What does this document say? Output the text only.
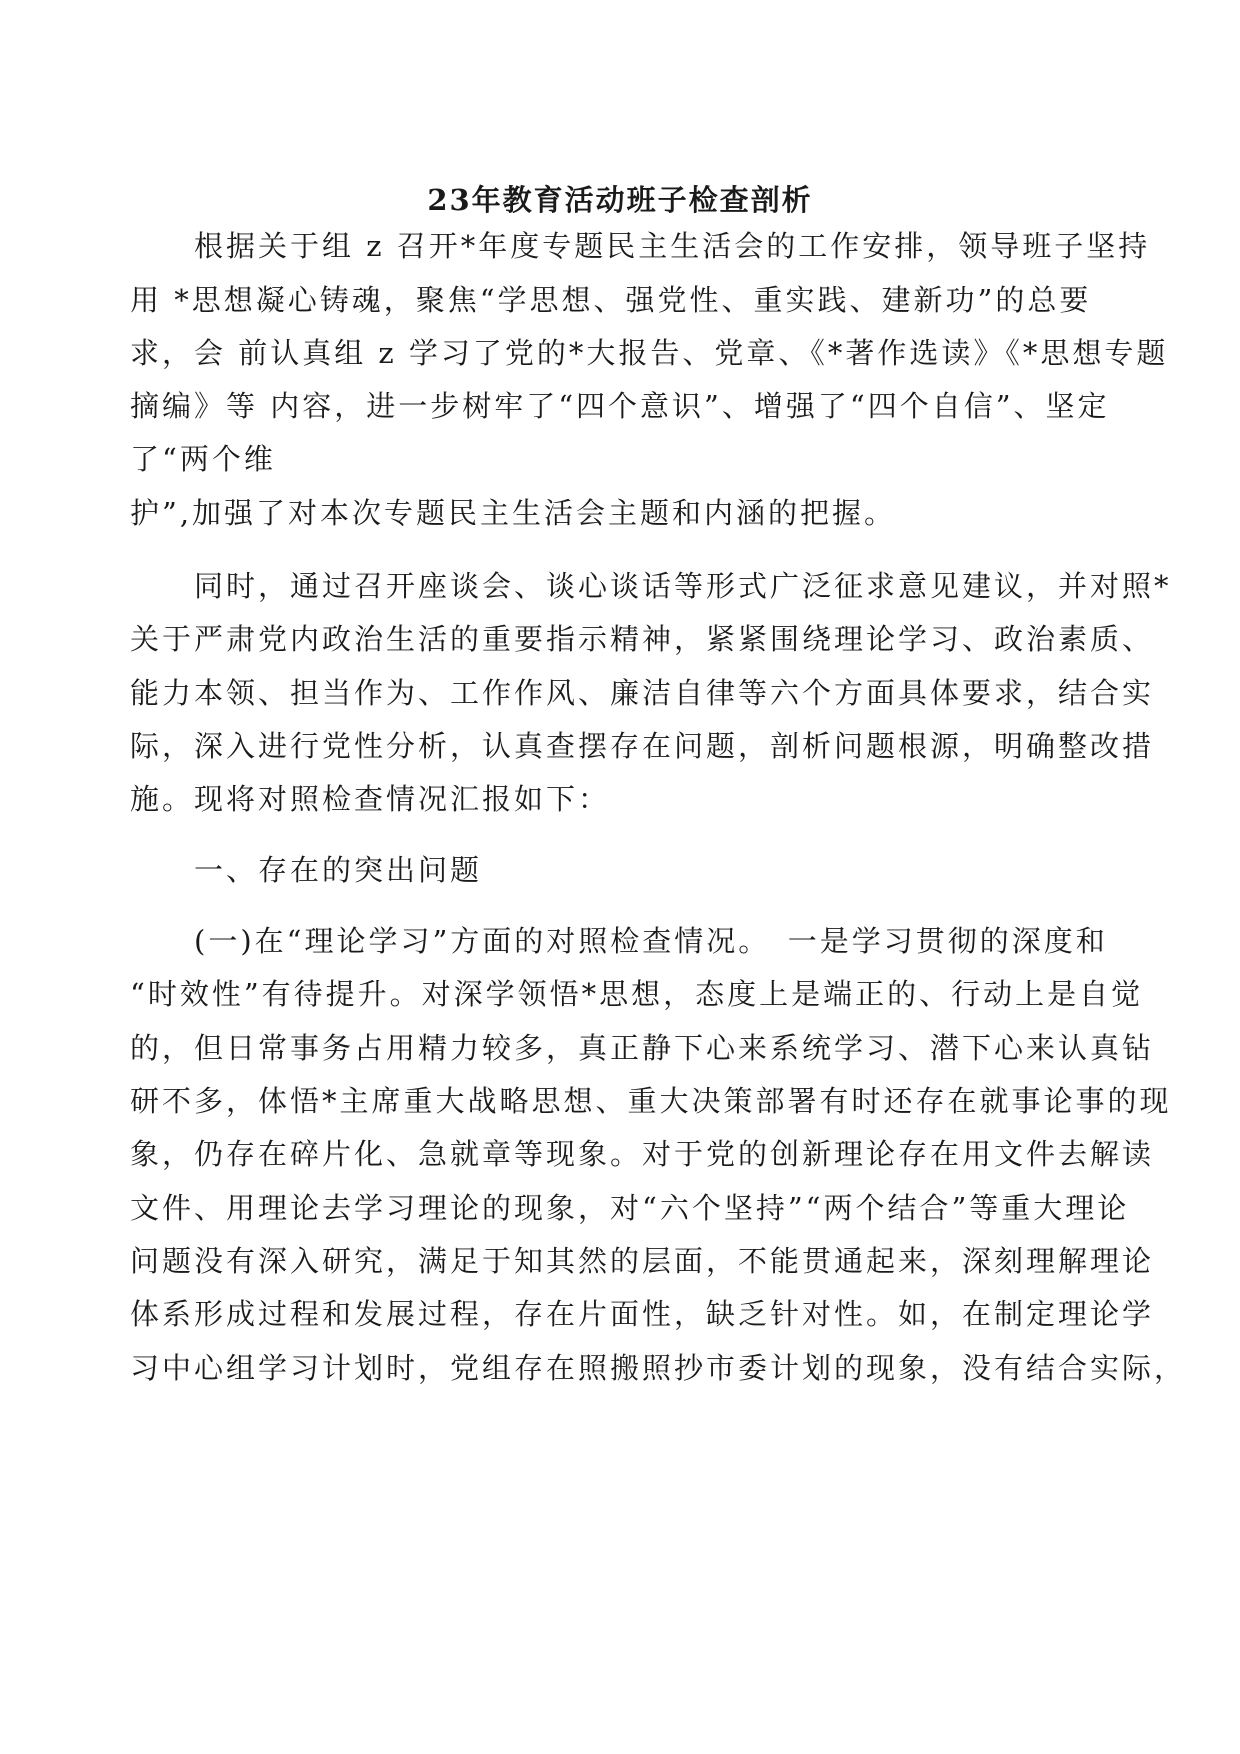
23年教育活动班子检查剖析
　　根据关于组 z 召开*年度专题民主生活会的工作安排，领导班子坚持
用 *思想凝心铸魂，聚焦“学思想、强党性、重实践、建新功”的总要
求，会 前认真组 z 学习了党的*大报告、党章、《*著作选读》《*思想专题
摘编》等 内容，进一步树牢了“四个意识”、增强了“四个自信”、坚定
了“两个维
护”,加强了对本次专题民主生活会主题和内涵的把握。
　　同时，通过召开座谈会、谈心谈话等形式广泛征求意见建议，并对照*
关于严肃党内政治生活的重要指示精神，紧紧围绕理论学习、政治素质、
能力本领、担当作为、工作作风、廉洁自律等六个方面具体要求，结合实
际，深入进行党性分析，认真查摆存在问题，剖析问题根源，明确整改措
施。现将对照检查情况汇报如下：
　　一、存在的突出问题
　　(一)在“理论学习”方面的对照检查情况。　一是学习贯彻的深度和
“时效性”有待提升。对深学领悟*思想，态度上是端正的、行动上是自觉
的，但日常事务占用精力较多，真正静下心来系统学习、潜下心来认真钻
研不多，体悟*主席重大战略思想、重大决策部署有时还存在就事论事的现
象，仍存在碎片化、急就章等现象。对于党的创新理论存在用文件去解读
文件、用理论去学习理论的现象，对“六个坚持”“两个结合”等重大理论
问题没有深入研究，满足于知其然的层面，不能贯通起来，深刻理解理论
体系形成过程和发展过程，存在片面性，缺乏针对性。如，在制定理论学
习中心组学习计划时，党组存在照搬照抄市委计划的现象，没有结合实际，
